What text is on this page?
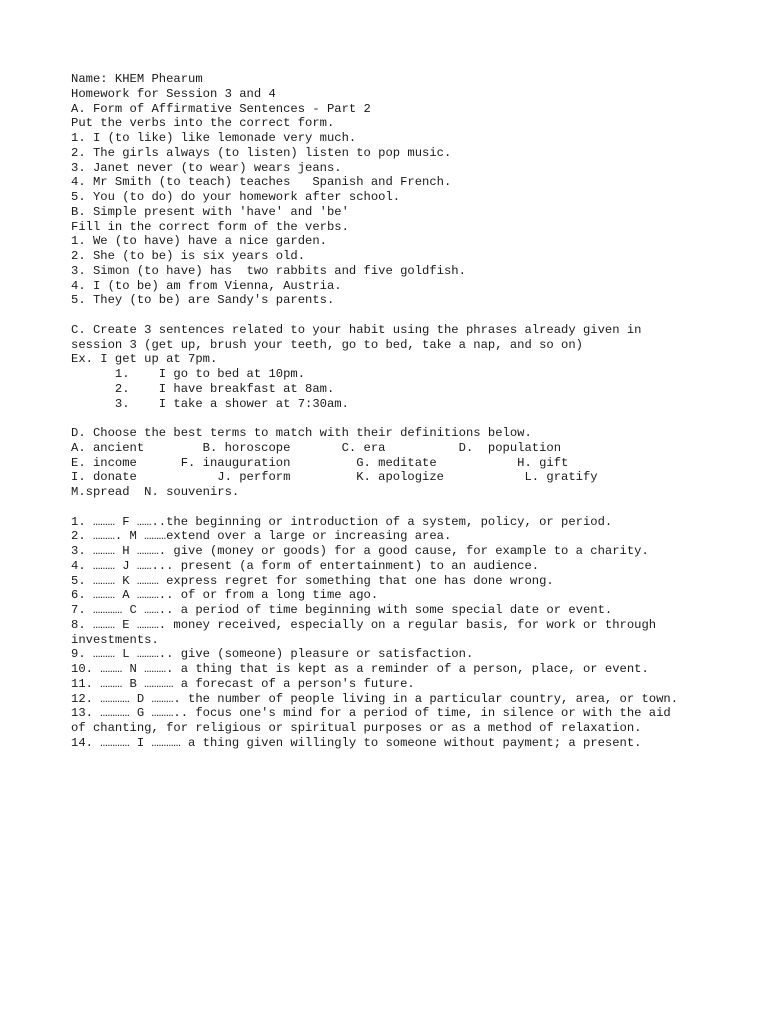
Name: KHEM Phearum
Homework for Session 3 and 4
A. Form of Affirmative Sentences - Part 2
Put the verbs into the correct form.
1. I (to like) like lemonade very much.
2. The girls always (to listen) listen to pop music.
3. Janet never (to wear) wears jeans.
4. Mr Smith (to teach) teaches   Spanish and French.
5. You (to do) do your homework after school.
B. Simple present with 'have' and 'be'
Fill in the correct form of the verbs.
1. We (to have) have a nice garden.
2. She (to be) is six years old.
3. Simon (to have) has  two rabbits and five goldfish.
4. I (to be) am from Vienna, Austria.
5. They (to be) are Sandy's parents.
C. Create 3 sentences related to your habit using the phrases already given in
session 3 (get up, brush your teeth, go to bed, take a nap, and so on)
Ex. I get up at 7pm.
1.    I go to bed at 10pm.
2.    I have breakfast at 8am.
3.    I take a shower at 7:30am.
D. Choose the best terms to match with their definitions below.
A. ancient        B. horoscope       C. era          D.  population
E. income      F. inauguration         G. meditate           H. gift
I. donate           J. perform         K. apologize           L. gratify
M.spread  N. souvenirs.
1. ……… F ……..the beginning or introduction of a system, policy, or period.
2. ………. M ………extend over a large or increasing area.
3. ……… H ………. give (money or goods) for a good cause, for example to a charity.
4. ……… J ……... present (a form of entertainment) to an audience.
5. ……… K ……… express regret for something that one has done wrong.
6. ……… A ……….. of or from a long time ago.
7. ………… C …….. a period of time beginning with some special date or event.
8. ……… E ………. money received, especially on a regular basis, for work or through
investments.
9. ……… L ……….. give (someone) pleasure or satisfaction.
10. ……… N ………. a thing that is kept as a reminder of a person, place, or event.
11. ……… B ………… a forecast of a person's future.
12. ………… D ………. the number of people living in a particular country, area, or town.
13. ………… G ……….. focus one's mind for a period of time, in silence or with the aid
of chanting, for religious or spiritual purposes or as a method of relaxation.
14. ………… I ………… a thing given willingly to someone without payment; a present.
